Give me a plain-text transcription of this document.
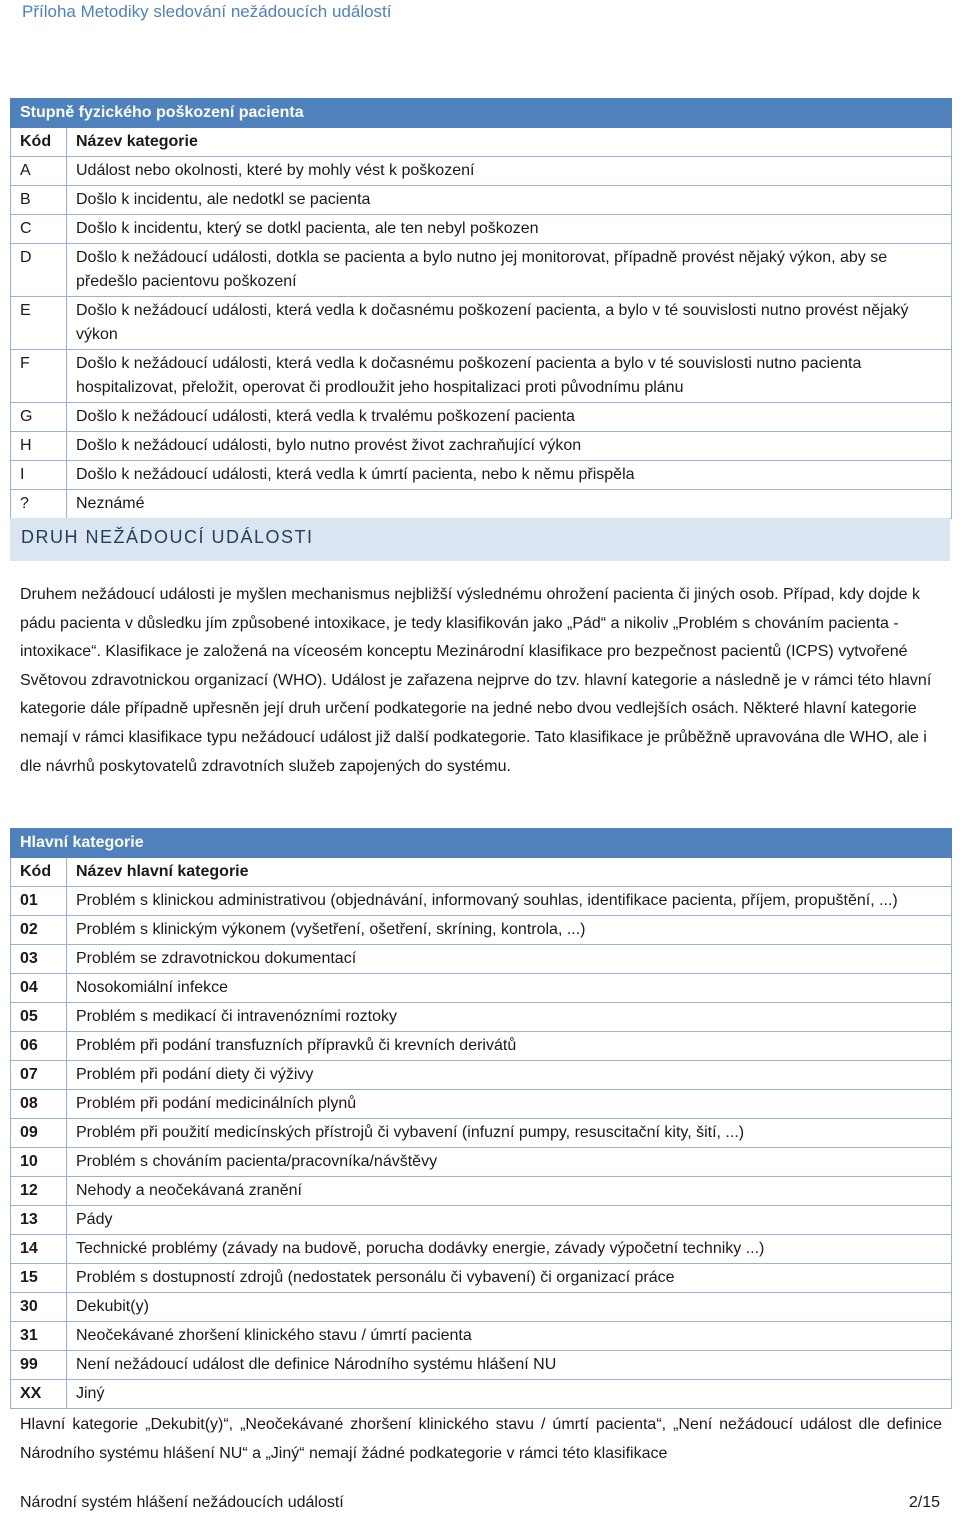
Příloha Metodiky sledování nežádoucích událostí
Stupně fyzického poškození pacienta	
Kód	Název kategorie
A	Událost nebo okolnosti, které by mohly vést k poškození
B	Došlo k incidentu, ale nedotkl se pacienta
C	Došlo k incidentu, který se dotkl pacienta, ale ten nebyl poškozen
D	Došlo k nežádoucí události, dotkla se pacienta a bylo nutno jej monitorovat, případně provést nějaký výkon, aby se předešlo pacientovu poškození
E	Došlo k nežádoucí události, která vedla k dočasnému poškození pacienta, a bylo v té souvislosti nutno provést nějaký výkon
F	Došlo k nežádoucí události, která vedla k dočasnému poškození pacienta a bylo v té souvislosti nutno pacienta hospitalizovat, přeložit, operovat či prodloužit jeho hospitalizaci proti původnímu plánu
G	Došlo k nežádoucí události, která vedla k trvalému poškození pacienta
H	Došlo k nežádoucí události, bylo nutno provést život zachraňující výkon
I	Došlo k nežádoucí události, která vedla k úmrtí pacienta, nebo k němu přispěla
?	Neznámé
DRUH NEŽÁDOUCÍ UDÁLOSTI

Druhem nežádoucí události je myšlen mechanismus nejbližší výslednému ohrožení pacienta či jiných osob. Případ, kdy dojde k pádu pacienta v důsledku jím způsobené intoxikace, je tedy klasifikován jako „Pád“ a nikoliv „Problém s chováním pacienta - intoxikace“. Klasifikace je založená na víceosém konceptu Mezinárodní klasifikace pro bezpečnost pacientů (ICPS) vytvořené Světovou zdravotnickou organizací (WHO). Událost je zařazena nejprve do tzv. hlavní kategorie a následně je v rámci této hlavní kategorie dále případně upřesněn její druh určení podkategorie na jedné nebo dvou vedlejších osách. Některé hlavní kategorie nemají v rámci klasifikace typu nežádoucí událost již další podkategorie. Tato klasifikace je průběžně upravována dle WHO, ale i dle návrhů poskytovatelů zdravotních služeb zapojených do systému.

Hlavní kategorie	
Kód	Název hlavní kategorie
01	Problém s klinickou administrativou (objednávání, informovaný souhlas, identifikace pacienta, příjem, propuštění, ...)
02	Problém s klinickým výkonem (vyšetření, ošetření, skríning, kontrola, ...)
03	Problém se zdravotnickou dokumentací
04	Nosokomiální infekce
05	Problém s medikací či intravenózními roztoky
06	Problém při podání transfuzních přípravků či krevních derivátů
07	Problém při podání diety či výživy
08	Problém při podání medicinálních plynů
09	Problém při použití medicínských přístrojů či vybavení (infuzní pumpy, resuscitační kity, šití, ...)
10	Problém s chováním pacienta/pracovníka/návštěvy
12	Nehody a neočekávaná zranění
13	Pády
14	Technické problémy (závady na budově, porucha dodávky energie, závady výpočetní techniky ...)
15	Problém s dostupností zdrojů (nedostatek personálu či vybavení) či organizací práce
30	Dekubit(y)
31	Neočekávané zhoršení klinického stavu / úmrtí pacienta
99	Není nežádoucí událost dle definice Národního systému hlášení NU
XX	Jiný

Hlavní kategorie „Dekubit(y)“, „Neočekávané zhoršení klinického stavu / úmrtí pacienta“, „Není nežádoucí událost dle definice Národního systému hlášení NU“ a „Jiný“ nemají žádné podkategorie v rámci této klasifikace

Národní systém hlášení nežádoucích událostí	2/15
